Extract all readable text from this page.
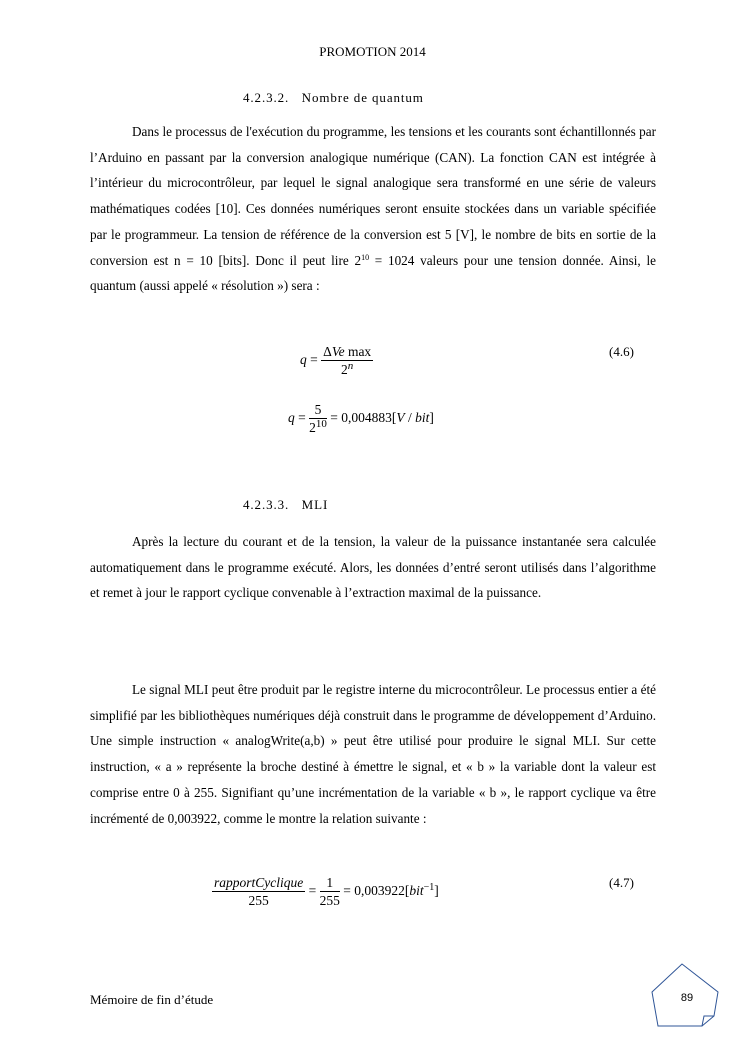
PROMOTION 2014
4.2.3.2. Nombre de quantum

Dans le processus de l'exécution du programme, les tensions et les courants sont échantillonnés par l’Arduino en passant par la conversion analogique numérique (CAN). La fonction CAN est intégrée à l’intérieur du microcontrôleur, par lequel le signal analogique sera transformé en une série de valeurs mathématiques codées [10]. Ces données numériques seront ensuite stockées dans un variable spécifiée par le programmeur. La tension de référence de la conversion est 5 [V], le nombre de bits en sortie de la conversion est n = 10 [bits]. Donc il peut lire $2^{10} = 1024$ valeurs pour une tension donnée. Ainsi, le quantum (aussi appelé « résolution ») sera :

$q = \frac{\text{ΔVe max}}{2^n}$	(4.6)
$q = \frac{5}{2^{10}} = 0,004883[V / bit]$
4.2.3.3. MLI

Après la lecture du courant et de la tension, la valeur de la puissance instantanée sera calculée automatiquement dans le programme exécuté. Alors, les données d’entré seront utilisés dans l’algorithme et remet à jour le rapport cyclique convenable à l’extraction maximal de la puissance.

Le signal MLI peut être produit par le registre interne du microcontrôleur. Le processus entier a été simplifié par les bibliothèques numériques déjà construit dans le programme de développement d’Arduino. Une simple instruction « analogWrite(a,b) » peut être utilisé pour produire le signal MLI. Sur cette instruction, « a » représente la broche destiné à émettre le signal, et « b » la variable dont la valeur est comprise entre 0 à 255. Signifiant qu’une incrémentation de la variable « b », le rapport cyclique va être incrémenté de 0,003922, comme le montre la relation suivante :

$\frac{\text{rapportCyclique}}{255} = \frac{1}{255} = 0,003922[bit^{-1}]$
(4.7)
Mémoire de fin d’étude	89
